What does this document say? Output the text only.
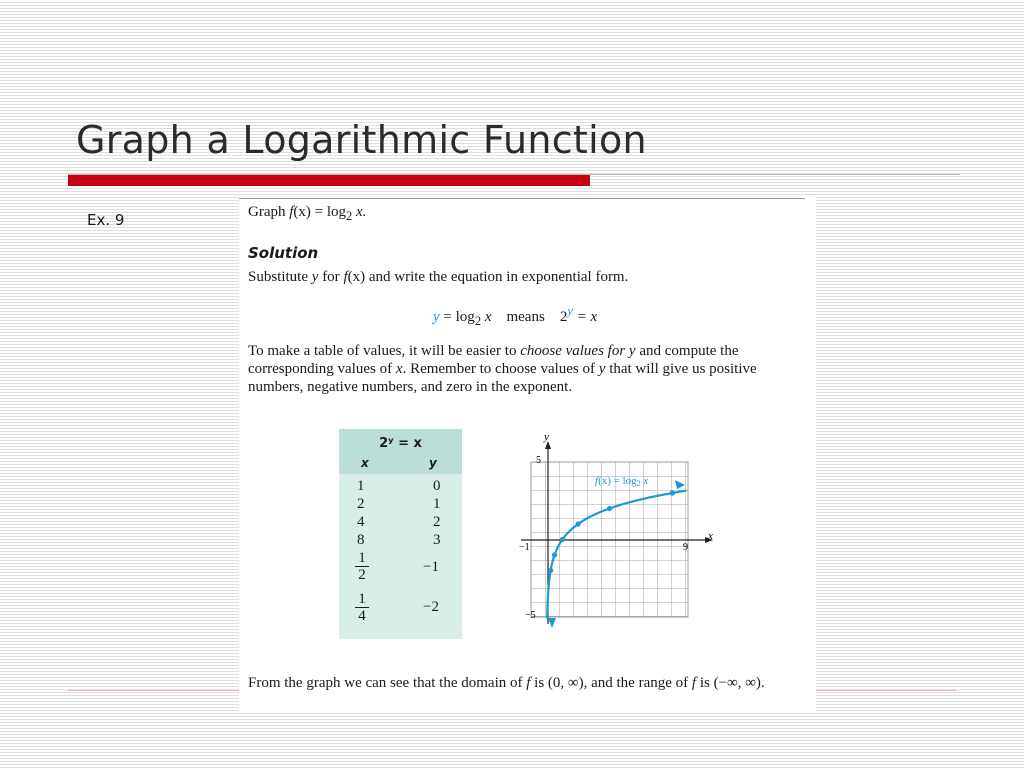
Graph a Logarithmic Function
Ex. 9	Graph $f(x) = \log_2 x$.
Solution
Substitute y for f(x) and write the equation in exponential form.
$y = \log_2 x$ means $2^y = x$
To make a table of values, it will be easier to choose values for y and compute the corresponding values of x. Remember to choose values of y that will give us positive numbers, negative numbers, and zero in the exponent.
2ʸ = x
x	y
1	0
2	1
4	2
8	3
$\frac{1}{2}$	−1
$\frac{1}{4}$	−2
x
y
−1	9
5
−5
f(x) = log2 x
From the graph we can see that the domain of f is (0, ∞), and the range of f is (−∞, ∞).
